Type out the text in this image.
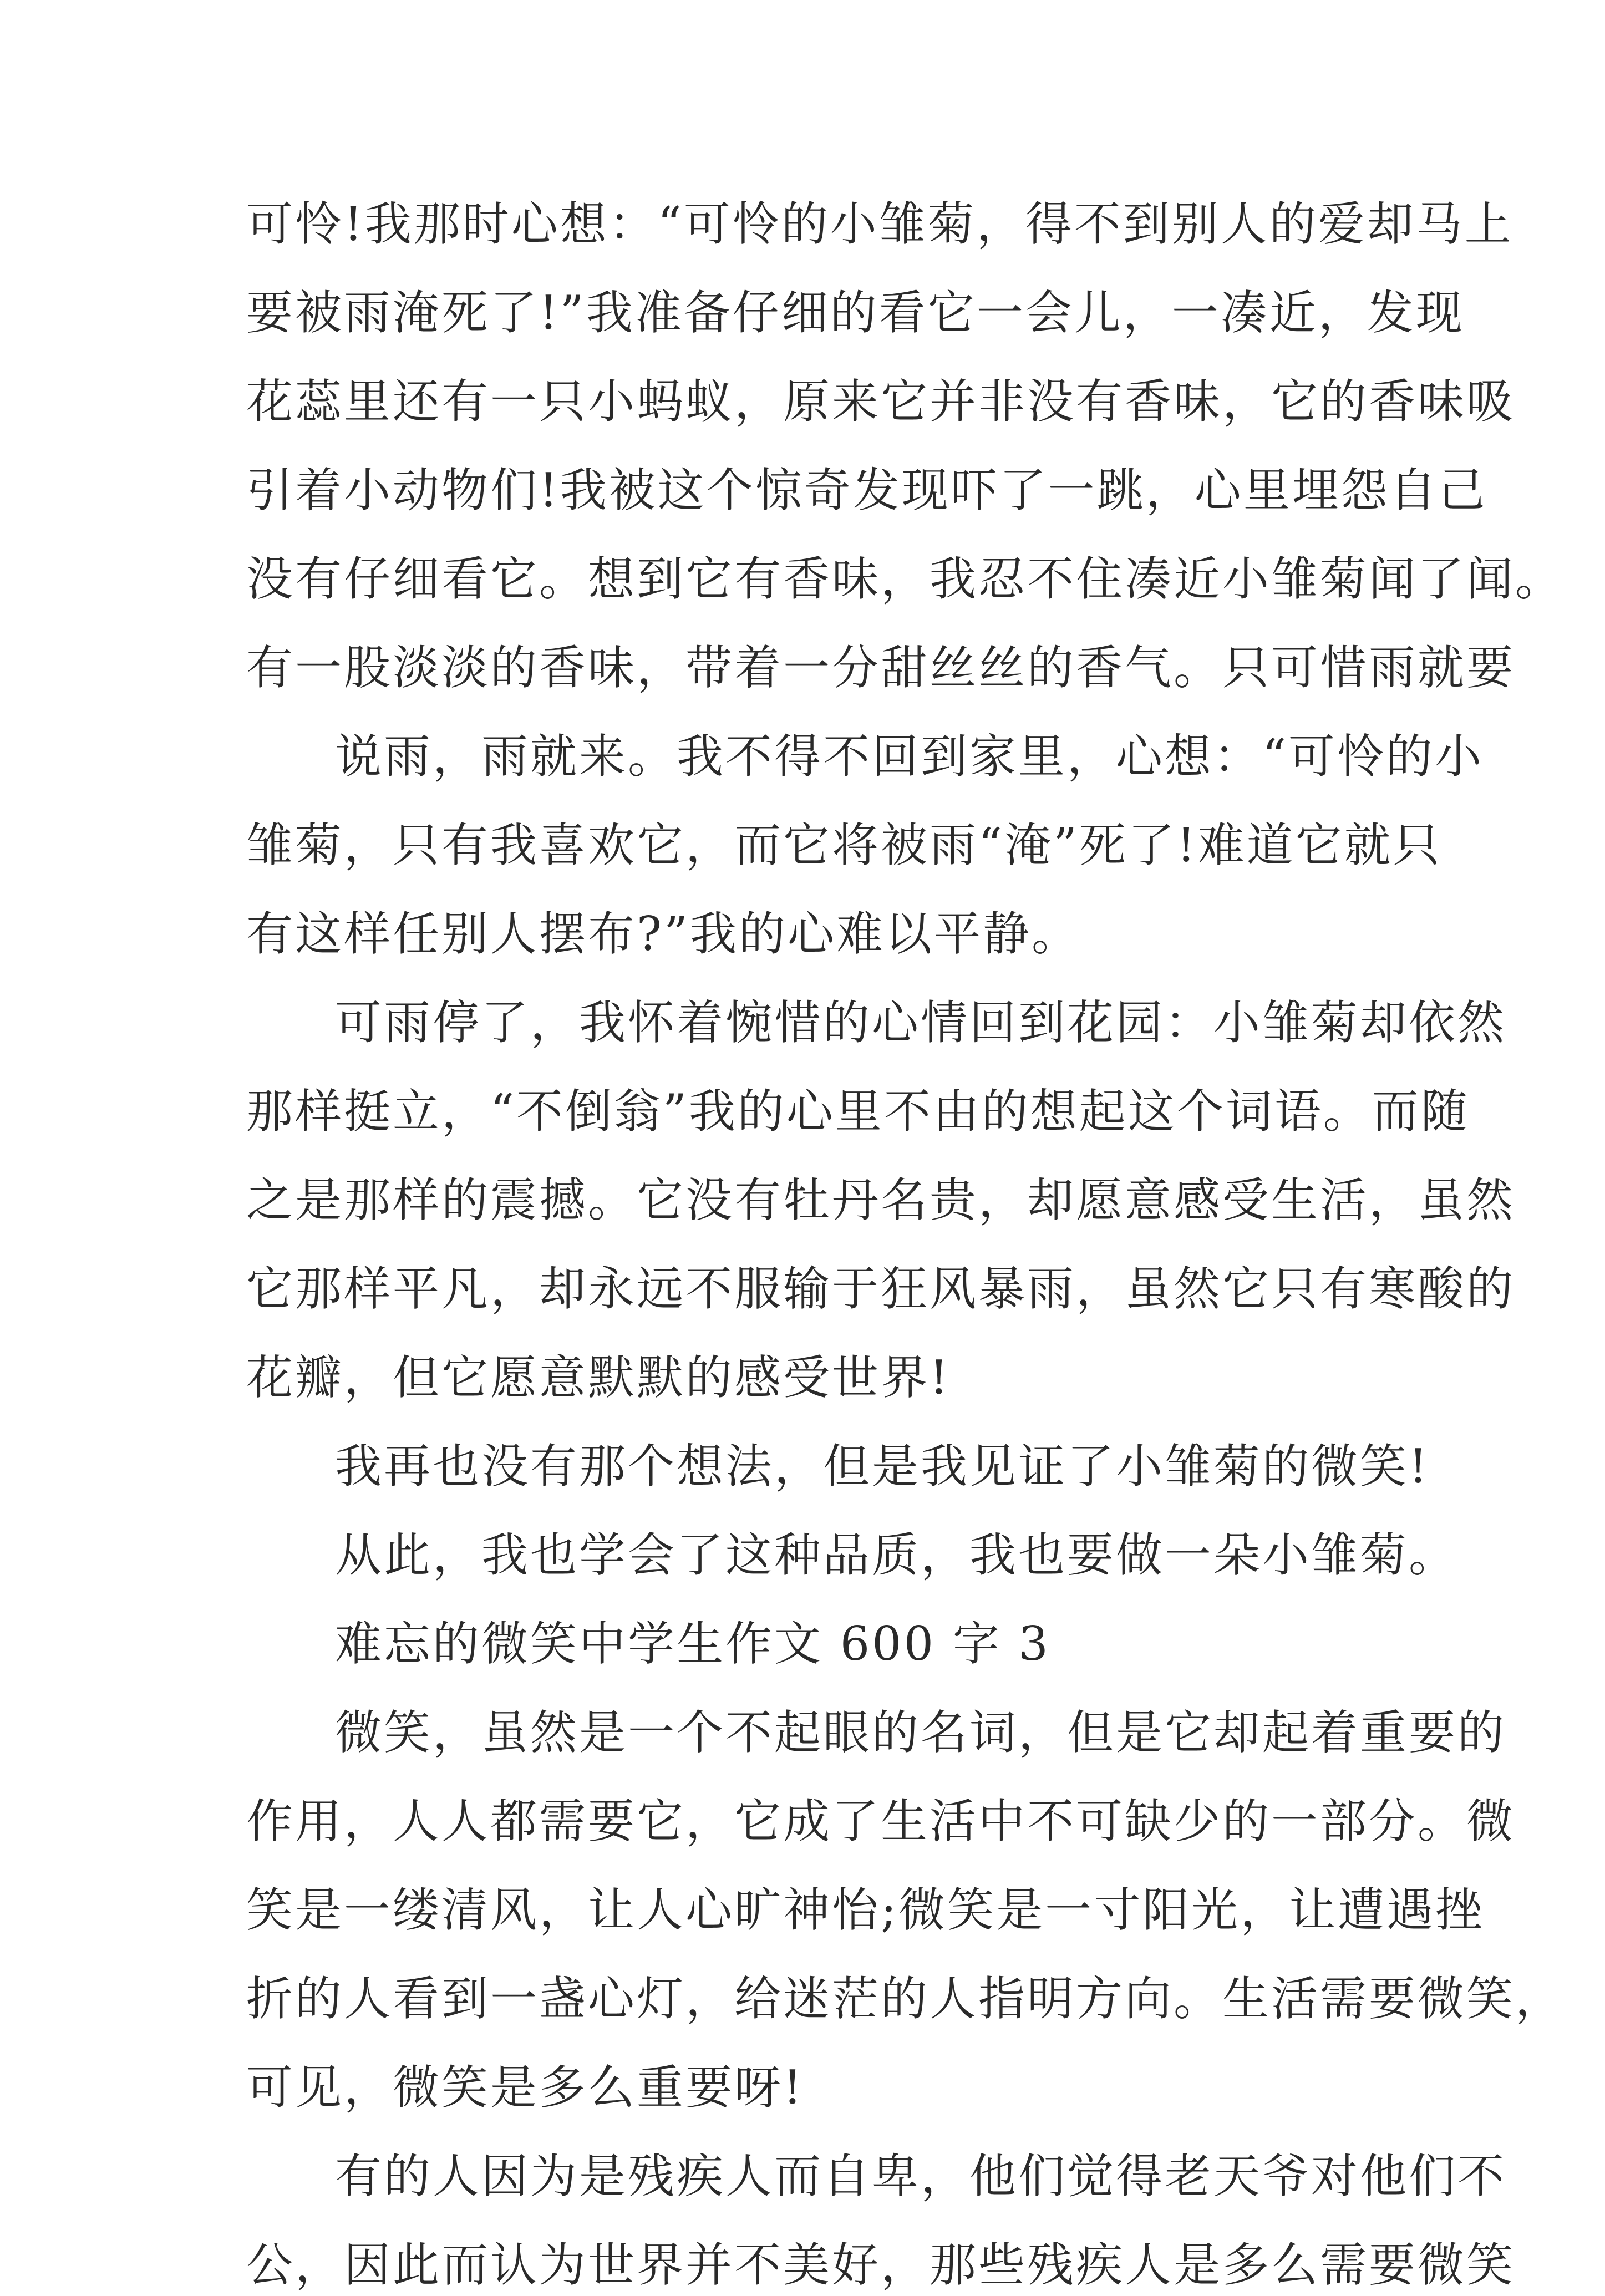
可怜!我那时心想：“可怜的小雏菊，得不到别人的爱却马上
要被雨淹死了!”我准备仔细的看它一会儿，一凑近，发现
花蕊里还有一只小蚂蚁，原来它并非没有香味，它的香味吸
引着小动物们!我被这个惊奇发现吓了一跳，心里埋怨自己
没有仔细看它。想到它有香味，我忍不住凑近小雏菊闻了闻。
有一股淡淡的香味，带着一分甜丝丝的香气。只可惜雨就要
说雨，雨就来。我不得不回到家里，心想：“可怜的小
雏菊，只有我喜欢它，而它将被雨“淹”死了!难道它就只
有这样任别人摆布?”我的心难以平静。
可雨停了，我怀着惋惜的心情回到花园：小雏菊却依然
那样挺立，“不倒翁”我的心里不由的想起这个词语。而随
之是那样的震撼。它没有牡丹名贵，却愿意感受生活，虽然
它那样平凡，却永远不服输于狂风暴雨，虽然它只有寒酸的
花瓣，但它愿意默默的感受世界!
我再也没有那个想法，但是我见证了小雏菊的微笑!
从此，我也学会了这种品质，我也要做一朵小雏菊。
难忘的微笑中学生作文 600 字 3
微笑，虽然是一个不起眼的名词，但是它却起着重要的
作用，人人都需要它，它成了生活中不可缺少的一部分。微
笑是一缕清风，让人心旷神怡;微笑是一寸阳光，让遭遇挫
折的人看到一盏心灯，给迷茫的人指明方向。生活需要微笑，
可见，微笑是多么重要呀!
有的人因为是残疾人而自卑，他们觉得老天爷对他们不
公，因此而认为世界并不美好，那些残疾人是多么需要微笑
